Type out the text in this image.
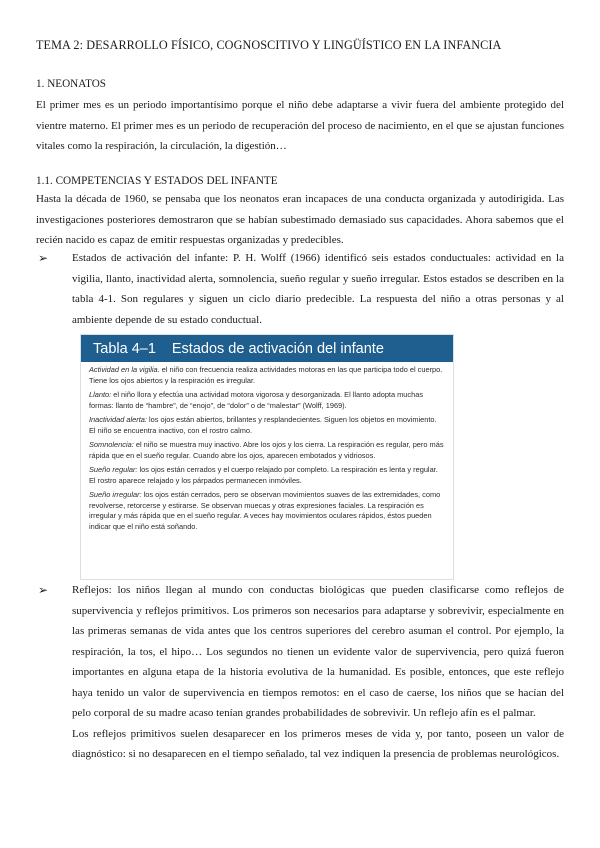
TEMA 2: DESARROLLO FÍSICO, COGNOSCITIVO Y LINGÜÍSTICO EN LA INFANCIA
1. NEONATOS
El primer mes es un periodo importantísimo porque el niño debe adaptarse a vivir fuera del ambiente protegido del vientre materno. El primer mes es un periodo de recuperación del proceso de nacimiento, en el que se ajustan funciones vitales como la respiración, la circulación, la digestión…
1.1. COMPETENCIAS Y ESTADOS DEL INFANTE
Hasta la década de 1960, se pensaba que los neonatos eran incapaces de una conducta organizada y autodirigida. Las investigaciones posteriores demostraron que se habían subestimado demasiado sus capacidades. Ahora sabemos que el recién nacido es capaz de emitir respuestas organizadas y predecibles.
➢ Estados de activación del infante: P. H. Wolff (1966) identificó seis estados conductuales: actividad en la vigilia, llanto, inactividad alerta, somnolencia, sueño regular y sueño irregular. Estos estados se describen en la tabla 4-1. Son regulares y siguen un ciclo diario predecible. La respuesta del niño a otras personas y al ambiente depende de su estado conductual.
➢ Reflejos: los niños llegan al mundo con conductas biológicas que pueden clasificarse como reflejos de supervivencia y reflejos primitivos. Los primeros son necesarios para adaptarse y sobrevivir, especialmente en las primeras semanas de vida antes que los centros superiores del cerebro asuman el control. Por ejemplo, la respiración, la tos, el hipo… Los segundos no tienen un evidente valor de supervivencia, pero quizá fueron importantes en alguna etapa de la historia evolutiva de la humanidad. Es posible, entonces, que este reflejo haya tenido un valor de supervivencia en tiempos remotos: en el caso de caerse, los niños que se hacían del pelo corporal de su madre acaso tenían grandes probabilidades de sobrevivir. Un reflejo afín es el palmar.
Los reflejos primitivos suelen desaparecer en los primeros meses de vida y, por tanto, poseen un valor de diagnóstico: si no desaparecen en el tiempo señalado, tal vez indiquen la presencia de problemas neurológicos.
Tabla 4–1 Estados de activación del infante
Actividad en la vigilia. el niño con frecuencia realiza actividades motoras en las que participa todo el cuerpo. Tiene los ojos abiertos y la respiración es irregular.
Llanto: el niño llora y efectúa una actividad motora vigorosa y desorganizada. El llanto adopta muchas formas: llanto de “hambre”, de “enojo”, de “dolor” o de “malestar” (Wolff, 1969).
Inactividad alerta: los ojos están abiertos, brillantes y resplandecientes. Siguen los objetos en movimiento. El niño se encuentra inactivo, con el rostro calmo.
Somnolencia: el niño se muestra muy inactivo. Abre los ojos y los cierra. La respiración es regular, pero más rápida que en el sueño regular. Cuando abre los ojos, aparecen embotados y vidriosos.
Sueño regular: los ojos están cerrados y el cuerpo relajado por completo. La respiración es lenta y regular. El rostro aparece relajado y los párpados permanecen inmóviles.
Sueño irregular: los ojos están cerrados, pero se observan movimientos suaves de las extremidades, como revolverse, retorcerse y estirarse. Se observan muecas y otras expresiones faciales. La respiración es irregular y más rápida que en el sueño regular. A veces hay movimientos oculares rápidos, éstos pueden indicar que el niño está soñando.
